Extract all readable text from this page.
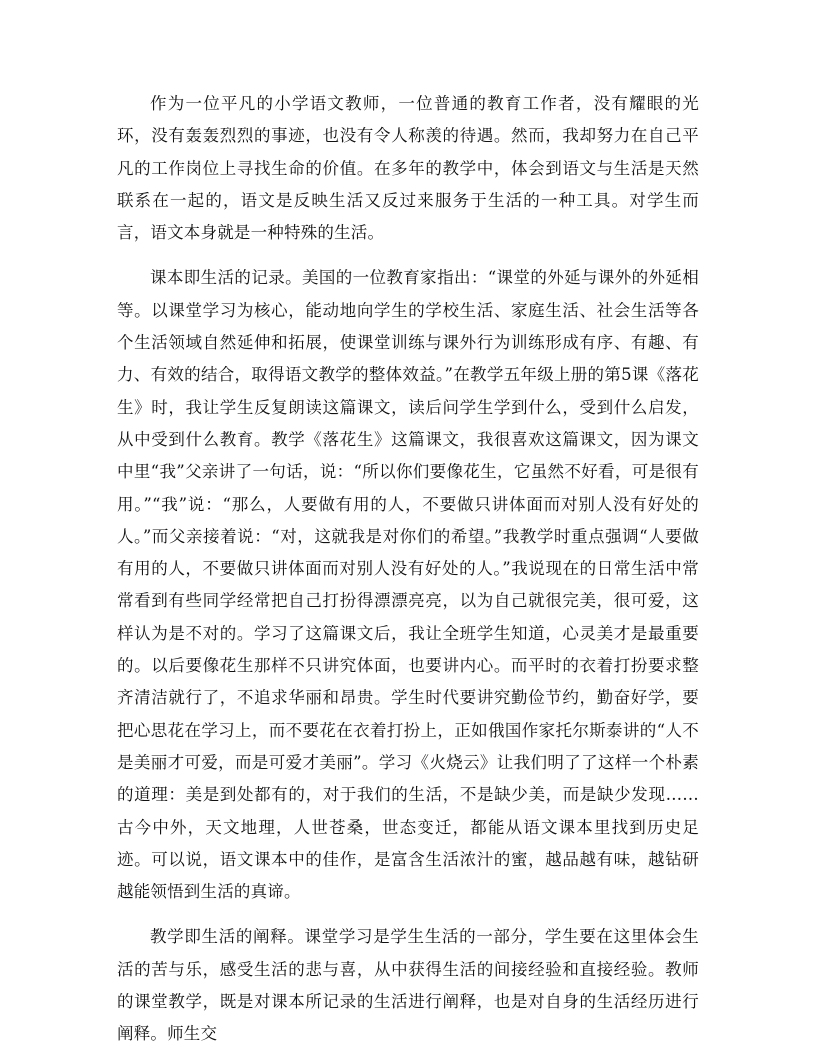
作为一位平凡的小学语文教师，一位普通的教育工作者，没有耀眼的光环，没有轰轰烈烈的事迹，也没有令人称羡的待遇。然而，我却努力在自己平凡的工作岗位上寻找生命的价值。在多年的教学中，体会到语文与生活是天然联系在一起的，语文是反映生活又反过来服务于生活的一种工具。对学生而言，语文本身就是一种特殊的生活。

课本即生活的记录。美国的一位教育家指出：“课堂的外延与课外的外延相等。以课堂学习为核心，能动地向学生的学校生活、家庭生活、社会生活等各个生活领域自然延伸和拓展，使课堂训练与课外行为训练形成有序、有趣、有力、有效的结合，取得语文教学的整体效益。”在教学五年级上册的第5课《落花生》时，我让学生反复朗读这篇课文，读后问学生学到什么，受到什么启发，从中受到什么教育。教学《落花生》这篇课文，我很喜欢这篇课文，因为课文中里“我”父亲讲了一句话，说：“所以你们要像花生，它虽然不好看，可是很有用。”“我”说：“那么，人要做有用的人，不要做只讲体面而对别人没有好处的人。”而父亲接着说：“对，这就我是对你们的希望。”我教学时重点强调“人要做有用的人，不要做只讲体面而对别人没有好处的人。”我说现在的日常生活中常常看到有些同学经常把自己打扮得漂漂亮亮，以为自己就很完美，很可爱，这样认为是不对的。学习了这篇课文后，我让全班学生知道，心灵美才是最重要的。以后要像花生那样不只讲究体面，也要讲内心。而平时的衣着打扮要求整齐清洁就行了，不追求华丽和昂贵。学生时代要讲究勤俭节约，勤奋好学，要把心思花在学习上，而不要花在衣着打扮上，正如俄国作家托尔斯泰讲的“人不是美丽才可爱，而是可爱才美丽”。学习《火烧云》让我们明了了这样一个朴素的道理：美是到处都有的，对于我们的生活，不是缺少美，而是缺少发现……古今中外，天文地理，人世苍桑，世态变迁，都能从语文课本里找到历史足迹。可以说，语文课本中的佳作，是富含生活浓汁的蜜，越品越有味，越钻研越能领悟到生活的真谛。

教学即生活的阐释。课堂学习是学生生活的一部分，学生要在这里体会生活的苦与乐，感受生活的悲与喜，从中获得生活的间接经验和直接经验。教师的课堂教学，既是对课本所记录的生活进行阐释，也是对自身的生活经历进行阐释。师生交
